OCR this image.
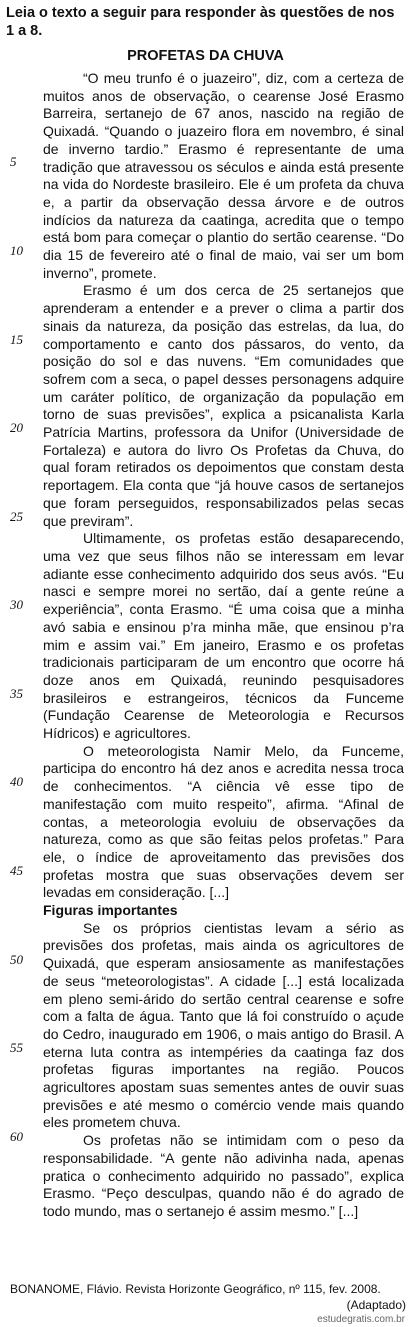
Leia o texto a seguir para responder às questões de nos 1 a 8.
PROFETAS DA CHUVA
5
10
15
20
25
30
35
40
45
50
55
60

“O meu trunfo é o juazeiro”, diz, com a certeza de muitos anos de observação, o cearense José Erasmo Barreira, sertanejo de 67 anos, nascido na região de Quixadá. “Quando o juazeiro flora em novembro, é sinal de inverno tardio.” Erasmo é representante de uma tradição que atravessou os séculos e ainda está presente na vida do Nordeste brasileiro. Ele é um profeta da chuva e, a partir da observação dessa árvore e de outros indícios da natureza da caatinga, acredita que o tempo está bom para começar o plantio do sertão cearense. “Do dia 15 de fevereiro até o final de maio, vai ser um bom inverno”, promete.

Erasmo é um dos cerca de 25 sertanejos que aprenderam a entender e a prever o clima a partir dos sinais da natureza, da posição das estrelas, da lua, do comportamento e canto dos pássaros, do vento, da posição do sol e das nuvens. “Em comunidades que sofrem com a seca, o papel desses personagens adquire um caráter político, de organização da população em torno de suas previsões”, explica a psicanalista Karla Patrícia Martins, professora da Unifor (Universidade de Fortaleza) e autora do livro Os Profetas da Chuva, do qual foram retirados os depoimentos que constam desta reportagem. Ela conta que “já houve casos de sertanejos que foram perseguidos, responsabilizados pelas secas que previram”.

Ultimamente, os profetas estão desaparecendo, uma vez que seus filhos não se interessam em levar adiante esse conhecimento adquirido dos seus avós. “Eu nasci e sempre morei no sertão, daí a gente reúne a experiência”, conta Erasmo. “É uma coisa que a minha avó sabia e ensinou p’ra minha mãe, que ensinou p’ra mim e assim vai.” Em janeiro, Erasmo e os profetas tradicionais participaram de um encontro que ocorre há doze anos em Quixadá, reunindo pesquisadores brasileiros e estrangeiros, técnicos da Funceme (Fundação Cearense de Meteorologia e Recursos Hídricos) e agricultores.

O meteorologista Namir Melo, da Funceme, participa do encontro há dez anos e acredita nessa troca de conhecimentos. “A ciência vê esse tipo de manifestação com muito respeito”, afirma. “Afinal de contas, a meteorologia evoluiu de observações da natureza, como as que são feitas pelos profetas.” Para ele, o índice de aproveitamento das previsões dos profetas mostra que suas observações devem ser levadas em consideração. [...]

Figuras importantes

Se os próprios cientistas levam a sério as previsões dos profetas, mais ainda os agricultores de Quixadá, que esperam ansiosamente as manifestações de seus “meteorologistas”. A cidade [...] está localizada em pleno semi-árido do sertão central cearense e sofre com a falta de água. Tanto que lá foi construído o açude do Cedro, inaugurado em 1906, o mais antigo do Brasil. A eterna luta contra as intempéries da caatinga faz dos profetas figuras importantes na região. Poucos agricultores apostam suas sementes antes de ouvir suas previsões e até mesmo o comércio vende mais quando eles prometem chuva.

Os profetas não se intimidam com o peso da responsabilidade. “A gente não adivinha nada, apenas pratica o conhecimento adquirido no passado”, explica Erasmo. “Peço desculpas, quando não é do agrado de todo mundo, mas o sertanejo é assim mesmo.” [...]

BONANOME, Flávio. Revista Horizonte Geográfico, nº 115, fev. 2008.
(Adaptado)
estudegratis.com.br
